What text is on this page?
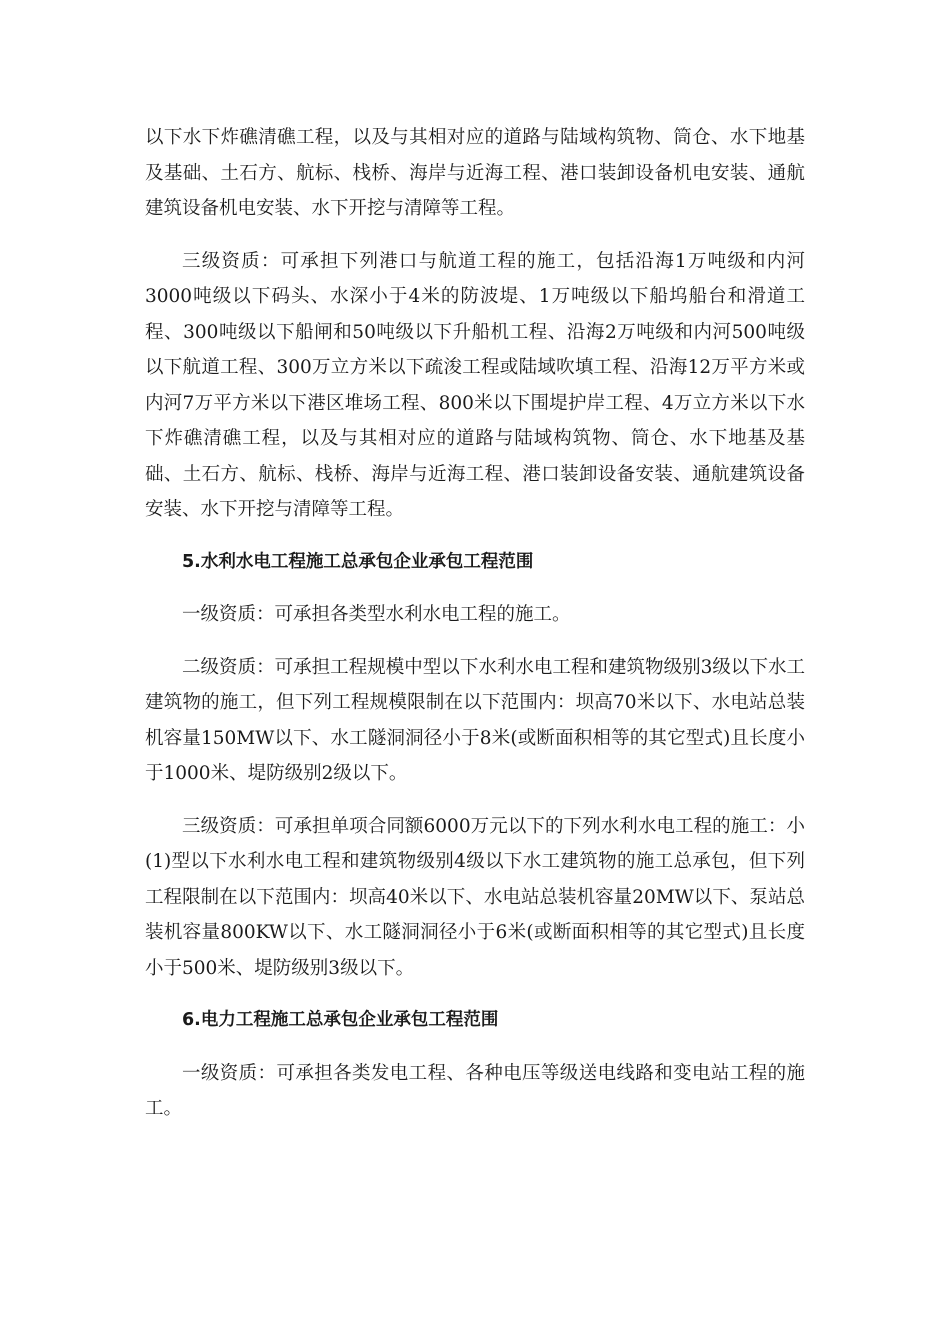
以下水下炸礁清礁工程，以及与其相对应的道路与陆域构筑物、筒仓、水下地基及基础、土石方、航标、栈桥、海岸与近海工程、港口装卸设备机电安装、通航建筑设备机电安装、水下开挖与清障等工程。

三级资质：可承担下列港口与航道工程的施工，包括沿海1万吨级和内河3000吨级以下码头、水深小于4米的防波堤、1万吨级以下船坞船台和滑道工程、300吨级以下船闸和50吨级以下升船机工程、沿海2万吨级和内河500吨级以下航道工程、300万立方米以下疏浚工程或陆域吹填工程、沿海12万平方米或内河7万平方米以下港区堆场工程、800米以下围堤护岸工程、4万立方米以下水下炸礁清礁工程，以及与其相对应的道路与陆域构筑物、筒仓、水下地基及基础、土石方、航标、栈桥、海岸与近海工程、港口装卸设备安装、通航建筑设备安装、水下开挖与清障等工程。

5.水利水电工程施工总承包企业承包工程范围

一级资质：可承担各类型水利水电工程的施工。

二级资质：可承担工程规模中型以下水利水电工程和建筑物级别3级以下水工建筑物的施工，但下列工程规模限制在以下范围内：坝高70米以下、水电站总装机容量150MW以下、水工隧洞洞径小于8米(或断面积相等的其它型式)且长度小于1000米、堤防级别2级以下。

三级资质：可承担单项合同额6000万元以下的下列水利水电工程的施工：小(1)型以下水利水电工程和建筑物级别4级以下水工建筑物的施工总承包，但下列工程限制在以下范围内：坝高40米以下、水电站总装机容量20MW以下、泵站总装机容量800KW以下、水工隧洞洞径小于6米(或断面积相等的其它型式)且长度小于500米、堤防级别3级以下。

6.电力工程施工总承包企业承包工程范围

一级资质：可承担各类发电工程、各种电压等级送电线路和变电站工程的施工。
